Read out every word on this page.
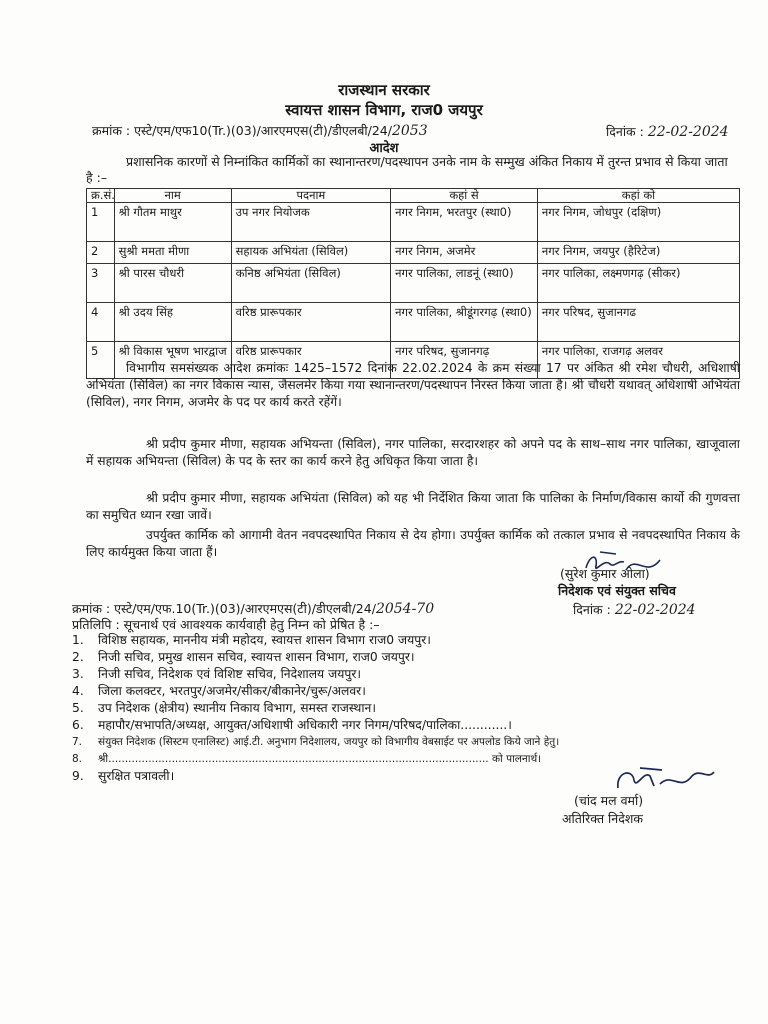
राजस्थान सरकार
स्वायत्त शासन विभाग, राज0 जयपुर
क्रमांक : एस्टे/एम/एफ10(Tr.)(03)/आरएमएस(टी)/डीएलबी/24/2053	दिनांक : 22-02-2024
आदेश
प्रशासनिक कारणों से निम्नांकित कार्मिकों का स्थानान्तरण/पदस्थापन उनके नाम के सम्मुख अंकित निकाय में तुरन्त प्रभाव से किया जाता है :–
क्र.सं.	नाम	पदनाम	कहां से	कहां को
1	श्री गौतम माथुर	उप नगर नियोजक	नगर निगम, भरतपुर (स्था0)	नगर निगम, जोधपुर (दक्षिण)
2	सुश्री ममता मीणा	सहायक अभियंता (सिविल)	नगर निगम, अजमेर	नगर निगम, जयपुर (हैरिटेज)
3	श्री पारस चौधरी	कनिष्ठ अभियंता (सिविल)	नगर पालिका, लाडनूं (स्था0)	नगर पालिका, लक्ष्मणगढ़ (सीकर)
4	श्री उदय सिंह	वरिष्ठ प्रारूपकार	नगर पालिका, श्रीडूंगरगढ़ (स्था0)	नगर परिषद, सुजानगढ
5	श्री विकास भूषण भारद्वाज	वरिष्ठ प्रारूपकार	नगर परिषद, सुजानगढ़	नगर पालिका, राजगढ़ अलवर
विभागीय समसंख्यक आदेश क्रमांकः 1425–1572 दिनांक 22.02.2024 के क्रम संख्या 17 पर अंकित श्री रमेश चौधरी, अधिशाषी अभियंता (सिविल) का नगर विकास न्यास, जैसलमेर किया गया स्थानान्तरण/पदस्थापन निरस्त किया जाता है। श्री चौधरी यथावत् अधिशाषी अभियंता (सिविल), नगर निगम, अजमेर के पद पर कार्य करते रहेंगें।
श्री प्रदीप कुमार मीणा, सहायक अभियन्ता (सिविल), नगर पालिका, सरदारशहर को अपने पद के साथ–साथ नगर पालिका, खाजूवाला में सहायक अभियन्ता (सिविल) के पद के स्तर का कार्य करने हेतु अधिकृत किया जाता है।
श्री प्रदीप कुमार मीणा, सहायक अभियंता (सिविल) को यह भी निर्देशित किया जाता कि पालिका के निर्माण/विकास कार्यो की गुणवत्ता का समुचित ध्यान रखा जावें।
उपर्युक्त कार्मिक को आगामी वेतन नवपदस्थापित निकाय से देय होगा। उपर्युक्त कार्मिक को तत्काल प्रभाव से नवपदस्थापित निकाय के लिए कार्यमुक्त किया जाता हैं।
(सुरेश कुमार ओला)
निदेशक एवं संयुक्त सचिव
क्रमांक : एस्टे/एम/एफ.10(Tr.)(03)/आरएमएस(टी)/डीएलबी/24/2054-70	दिनांक : 22-02-2024
प्रतिलिपि : सूचनार्थ एवं आवश्यक कार्यवाही हेतु निम्न को प्रेषित है :–
1. विशिष्ठ सहायक, माननीय मंत्री महोदय, स्वायत्त शासन विभाग राज0 जयपुर।
2. निजी सचिव, प्रमुख शासन सचिव, स्वायत्त शासन विभाग, राज0 जयपुर।
3. निजी सचिव, निदेशक एवं विशिष्ट सचिव, निदेशालय जयपुर।
4. जिला कलक्टर, भरतपुर/अजमेर/सीकर/बीकानेर/चुरू/अलवर।
5. उप निदेशक (क्षेत्रीय) स्थानीय निकाय विभाग, समस्त राजस्थान।
6. महापौर/सभापति/अध्यक्ष, आयुक्त/अधिशाषी अधिकारी नगर निगम/परिषद/पालिका............।
7. संयुक्त निदेशक (सिस्टम एनालिस्ट) आई.टी. अनुभाग निदेशालय, जयपुर को विभागीय वेबसाईट पर अपलोड किये जाने हेतु।
8. श्री.................................................................................................................. को पालनार्थ।
9. सुरक्षित पत्रावली।
(चांद मल वर्मा)
अतिरिक्त निदेशक
